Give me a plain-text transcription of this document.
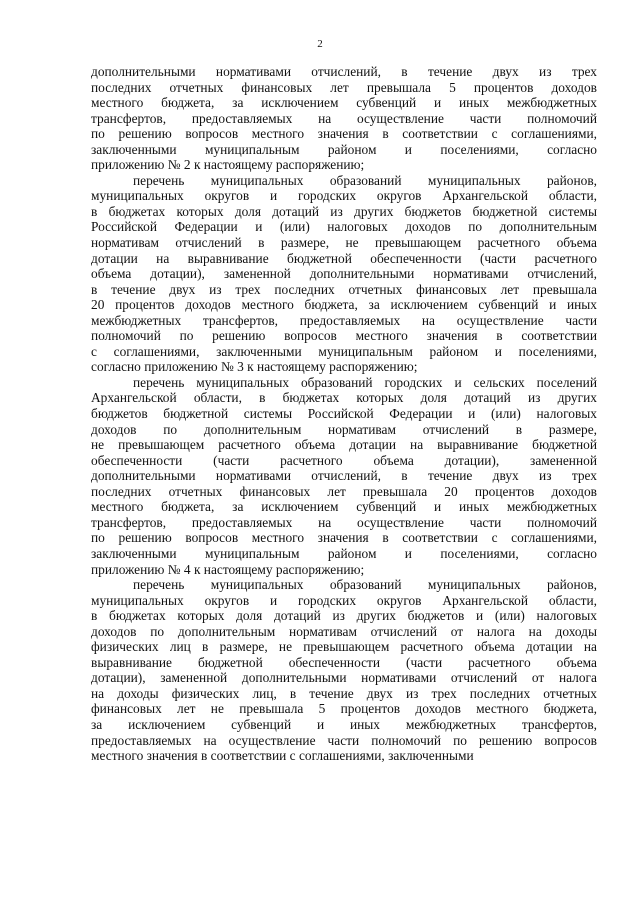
2
дополнительными нормативами отчислений, в течение двух из трех
последних отчетных финансовых лет превышала 5 процентов доходов
местного бюджета, за исключением субвенций и иных межбюджетных
трансфертов, предоставляемых на осуществление части полномочий
по решению вопросов местного значения в соответствии с соглашениями,
заключенными муниципальным районом и поселениями, согласно
приложению № 2 к настоящему распоряжению;
перечень муниципальных образований муниципальных районов,
муниципальных округов и городских округов Архангельской области,
в бюджетах которых доля дотаций из других бюджетов бюджетной системы
Российской Федерации и (или) налоговых доходов по дополнительным
нормативам отчислений в размере, не превышающем расчетного объема
дотации на выравнивание бюджетной обеспеченности (части расчетного
объема дотации), замененной дополнительными нормативами отчислений,
в течение двух из трех последних отчетных финансовых лет превышала
20 процентов доходов местного бюджета, за исключением субвенций и иных
межбюджетных трансфертов, предоставляемых на осуществление части
полномочий по решению вопросов местного значения в соответствии
с соглашениями, заключенными муниципальным районом и поселениями,
согласно приложению № 3 к настоящему распоряжению;
перечень муниципальных образований городских и сельских поселений
Архангельской области, в бюджетах которых доля дотаций из других
бюджетов бюджетной системы Российской Федерации и (или) налоговых
доходов по дополнительным нормативам отчислений в размере,
не превышающем расчетного объема дотации на выравнивание бюджетной
обеспеченности (части расчетного объема дотации), замененной
дополнительными нормативами отчислений, в течение двух из трех
последних отчетных финансовых лет превышала 20 процентов доходов
местного бюджета, за исключением субвенций и иных межбюджетных
трансфертов, предоставляемых на осуществление части полномочий
по решению вопросов местного значения в соответствии с соглашениями,
заключенными муниципальным районом и поселениями, согласно
приложению № 4 к настоящему распоряжению;
перечень муниципальных образований муниципальных районов,
муниципальных округов и городских округов Архангельской области,
в бюджетах которых доля дотаций из других бюджетов и (или) налоговых
доходов по дополнительным нормативам отчислений от налога на доходы
физических лиц в размере, не превышающем расчетного объема дотации на
выравнивание бюджетной обеспеченности (части расчетного объема
дотации), замененной дополнительными нормативами отчислений от налога
на доходы физических лиц, в течение двух из трех последних отчетных
финансовых лет не превышала 5 процентов доходов местного бюджета,
за исключением субвенций и иных межбюджетных трансфертов,
предоставляемых на осуществление части полномочий по решению вопросов
местного значения в соответствии с соглашениями, заключенными
